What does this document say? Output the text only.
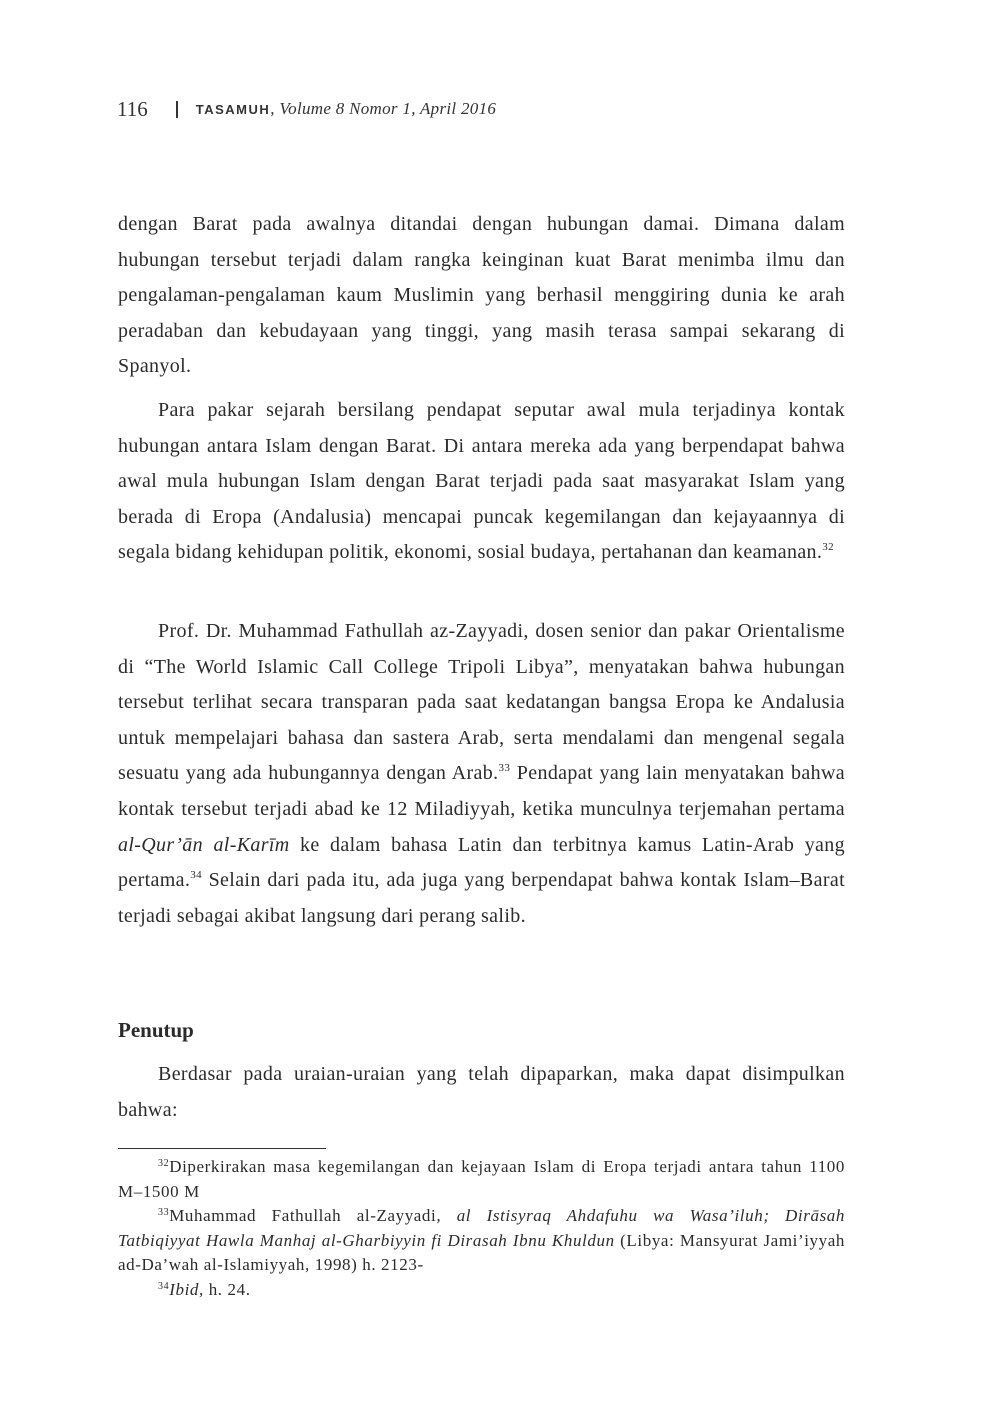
116	TASAMUH , Volume 8 Nomor 1, April 2016

dengan Barat pada awalnya ditandai dengan hubungan damai. Dimana dalam hubungan tersebut terjadi dalam rangka keinginan kuat Barat menimba ilmu dan pengalaman-pengalaman kaum Muslimin yang berhasil menggiring dunia ke arah peradaban dan kebudayaan yang tinggi, yang masih terasa sampai sekarang di Spanyol.

Para pakar sejarah bersilang pendapat seputar awal mula terjadinya kontak hubungan antara Islam dengan Barat. Di antara mereka ada yang berpendapat bahwa awal mula hubungan Islam dengan Barat terjadi pada saat masyarakat Islam yang berada di Eropa (Andalusia) mencapai puncak kegemilangan dan kejayaannya di segala bidang kehidupan politik, ekonomi, sosial budaya, pertahanan dan keamanan.$^{32}$

Prof. Dr. Muhammad Fathullah az-Zayyadi, dosen senior dan pakar Orientalisme di “The World Islamic Call College Tripoli Libya”, menyatakan bahwa hubungan tersebut terlihat secara transparan pada saat kedatangan bangsa Eropa ke Andalusia untuk mempelajari bahasa dan sastera Arab, serta mendalami dan mengenal segala sesuatu yang ada hubungannya dengan Arab.$^{33}$ Pendapat yang lain menyatakan bahwa kontak tersebut terjadi abad ke 12 Miladiyyah, ketika munculnya terjemahan pertama al-Qur’ān al-Karīm ke dalam bahasa Latin dan terbitnya kamus Latin-Arab yang pertama.$^{34}$ Selain dari pada itu, ada juga yang berpendapat bahwa kontak Islam–Barat terjadi sebagai akibat langsung dari perang salib.

Penutup

Berdasar pada uraian-uraian yang telah dipaparkan, maka dapat disimpulkan bahwa:

$^{32}$Diperkirakan masa kegemilangan dan kejayaan Islam di Eropa terjadi antara tahun 1100 M–1500 M

$^{33}$Muhammad Fathullah al-Zayyadi, al Istisyraq Ahdafuhu wa Wasa’iluh; Dirāsah Tatbiqiyyat Hawla Manhaj al-Gharbiyyin fi Dirasah Ibnu Khuldun (Libya: Mansyurat Jami’iyyah ad-Da’wah al-Islamiyyah, 1998) h. 2123-

$^{34}$Ibid, h. 24.
